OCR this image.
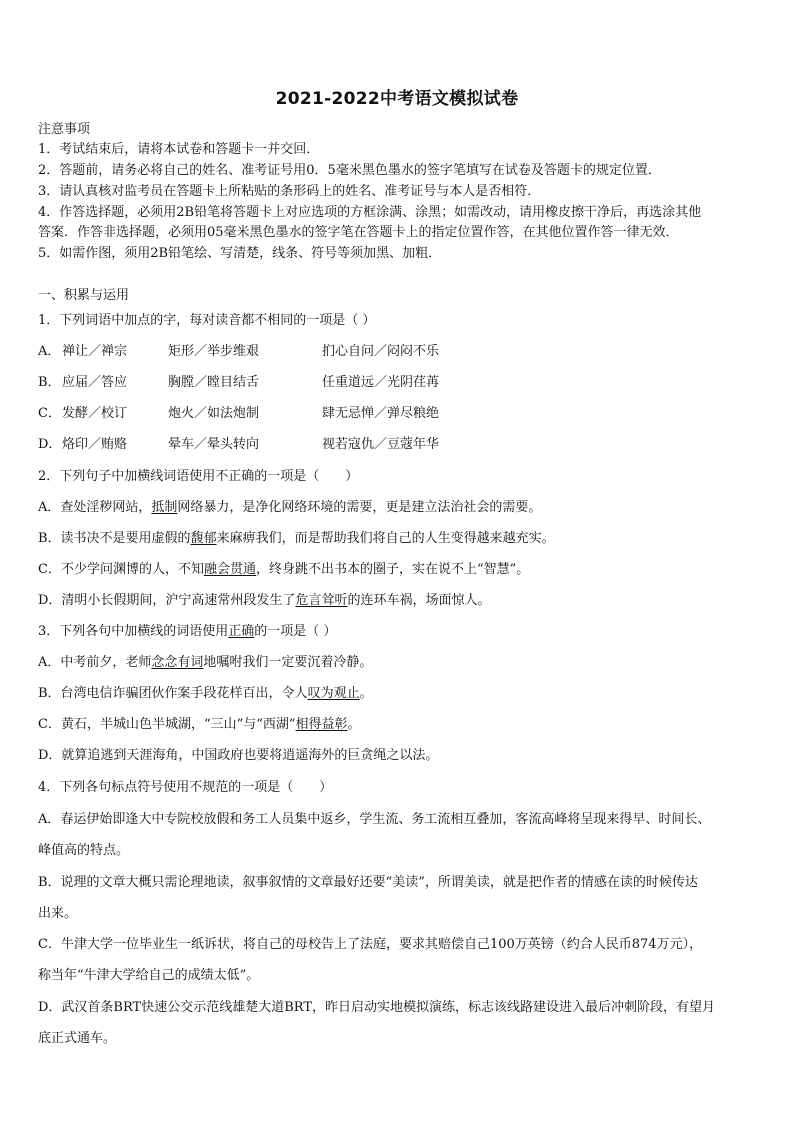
2021-2022中考语文模拟试卷
注意事项
1．考试结束后，请将本试卷和答题卡一并交回．
2．答题前，请务必将自己的姓名、准考证号用0．5毫米黑色墨水的签字笔填写在试卷及答题卡的规定位置．
3．请认真核对监考员在答题卡上所粘贴的条形码上的姓名、准考证号与本人是否相符．
4．作答选择题，必须用2B铅笔将答题卡上对应选项的方框涂满、涂黑；如需改动，请用橡皮擦干净后，再选涂其他
答案．作答非选择题，必须用05毫米黑色墨水的签字笔在答题卡上的指定位置作答，在其他位置作答一律无效．
5．如需作图，须用2B铅笔绘、写清楚，线条、符号等须加黑、加粗．
一、积累与运用
1．下列词语中加点的字，每对读音都不相同的一项是（ ）
A． 禅让／禅宗	矩形／举步维艰	扪心自问／闷闷不乐
B． 应届／答应	胸膛／瞠目结舌	任重道远／光阴荏苒
C． 发酵／校订	炮火／如法炮制	肆无忌惮／弹尽粮绝
D． 烙印／贿赂	晕车／晕头转向	视若寇仇／豆蔻年华
2．下列句子中加横线词语使用不正确的一项是（　　）
A．查处淫秽网站，抵制网络暴力，是净化网络环境的需要，更是建立法治社会的需要。
B．读书决不是要用虚假的馥郁来麻痹我们，而是帮助我们将自己的人生变得越来越充实。
C．不少学问渊博的人，不知融会贯通，终身跳不出书本的圈子，实在说不上“智慧”。
D．清明小长假期间，沪宁高速常州段发生了危言耸听的连环车祸，场面惊人。
3．下列各句中加横线的词语使用正确的一项是（ ）
A．中考前夕，老师念念有词地嘱咐我们一定要沉着冷静。
B．台湾电信诈骗团伙作案手段花样百出，令人叹为观止。
C．黄石，半城山色半城湖，“三山”与“西湖”相得益彰。
D．就算追逃到天涯海角，中国政府也要将逍遥海外的巨贪绳之以法。
4．下列各句标点符号使用不规范的一项是（　　）
A．春运伊始即逢大中专院校放假和务工人员集中返乡，学生流、务工流相互叠加，客流高峰将呈现来得早、时间长、
峰值高的特点。
B．说理的文章大概只需论理地读，叙事叙情的文章最好还要“美读”，所谓美读，就是把作者的情感在读的时候传达
出来。
C．牛津大学一位毕业生一纸诉状，将自己的母校告上了法庭，要求其赔偿自己100万英镑（约合人民币874万元），
称当年“牛津大学给自己的成绩太低”。
D．武汉首条BRT快速公交示范线雄楚大道BRT，昨日启动实地模拟演练，标志该线路建设进入最后冲刺阶段，有望月
底正式通车。
